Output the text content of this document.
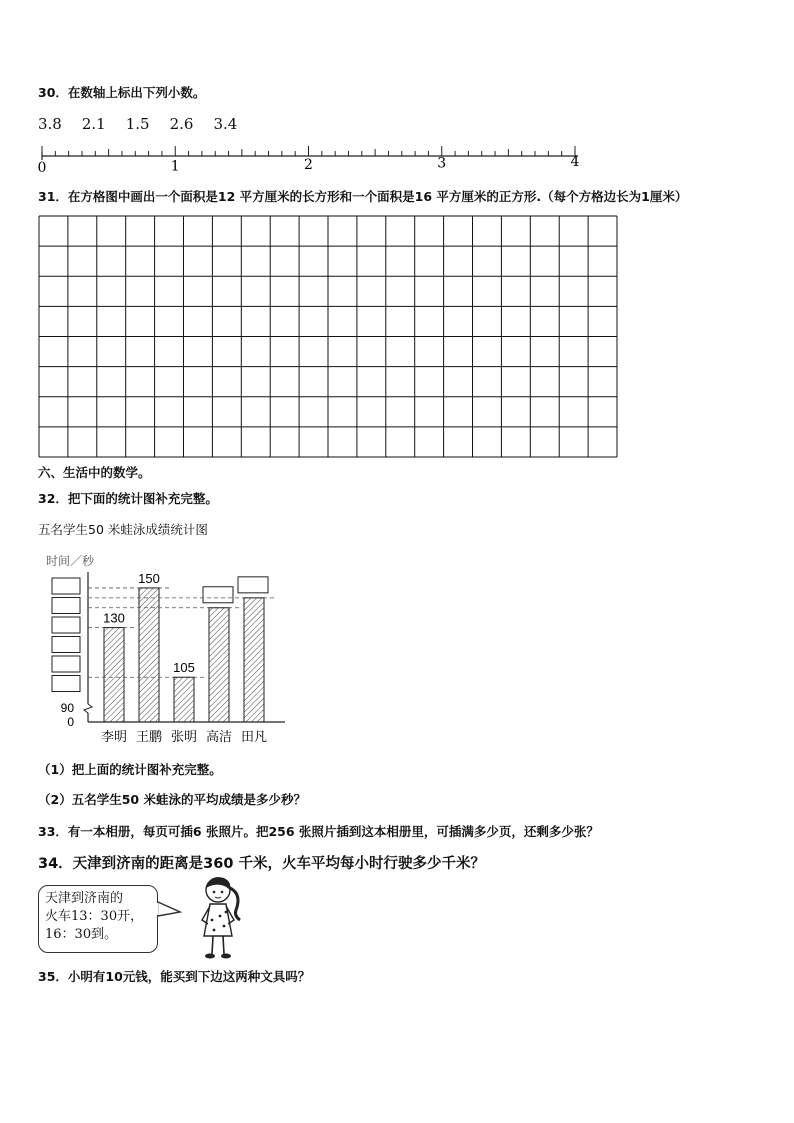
30．在数轴上标出下列小数。
3.8 2.1 1.5 2.6 3.4
0	1	2	3	4
31．在方格图中画出一个面积是12 平方厘米的长方形和一个面积是16 平方厘米的正方形.（每个方格边长为1厘米）
六、生活中的数学。
32．把下面的统计图补充完整。
五名学生50 米蛙泳成绩统计图
时间／秒
90
0
130
李明
150
王鹏
105
张明 高洁 田凡
（1）把上面的统计图补充完整。
（2）五名学生50 米蛙泳的平均成绩是多少秒？
33．有一本相册，每页可插6 张照片。把256 张照片插到这本相册里，可插满多少页，还剩多少张？
34．天津到济南的距离是360 千米，火车平均每小时行驶多少千米？
天津到济南的
火车13：30开，
16：30到。
35．小明有10元钱，能买到下边这两种文具吗？
